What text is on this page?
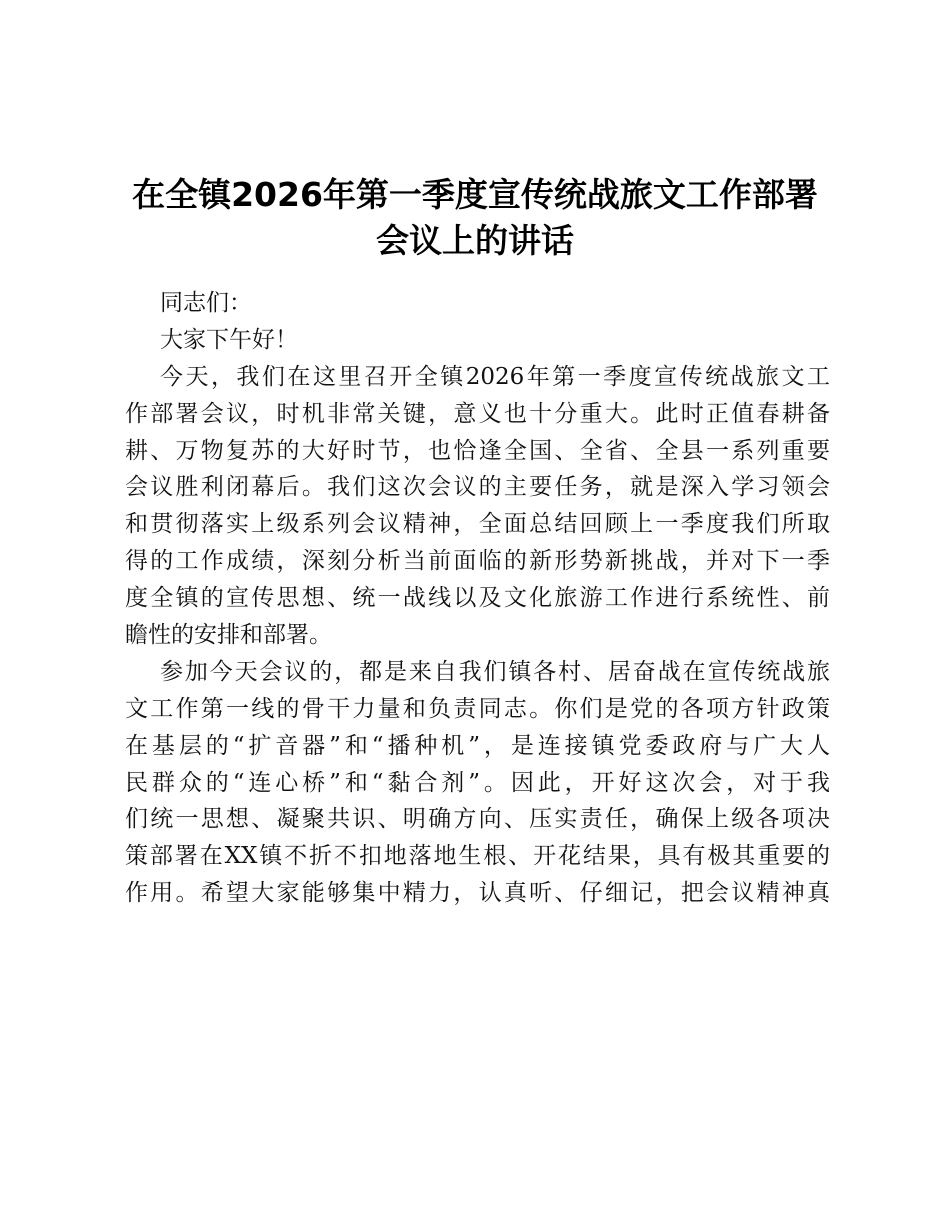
在全镇2026年第一季度宣传统战旅文工作部署
会议上的讲话
同志们：
大家下午好！
今天，我们在这里召开全镇2026年第一季度宣传统战旅文工
作部署会议，时机非常关键，意义也十分重大。此时正值春耕备
耕、万物复苏的大好时节，也恰逢全国、全省、全县一系列重要
会议胜利闭幕后。我们这次会议的主要任务，就是深入学习领会
和贯彻落实上级系列会议精神，全面总结回顾上一季度我们所取
得的工作成绩，深刻分析当前面临的新形势新挑战，并对下一季
度全镇的宣传思想、统一战线以及文化旅游工作进行系统性、前
瞻性的安排和部署。
参加今天会议的，都是来自我们镇各村、居奋战在宣传统战旅
文工作第一线的骨干力量和负责同志。你们是党的各项方针政策
在基层的“扩音器”和“播种机”，是连接镇党委政府与广大人
民群众的“连心桥”和“黏合剂”。因此，开好这次会，对于我
们统一思想、凝聚共识、明确方向、压实责任，确保上级各项决
策部署在XX镇不折不扣地落地生根、开花结果，具有极其重要的
作用。希望大家能够集中精力，认真听、仔细记，把会议精神真
